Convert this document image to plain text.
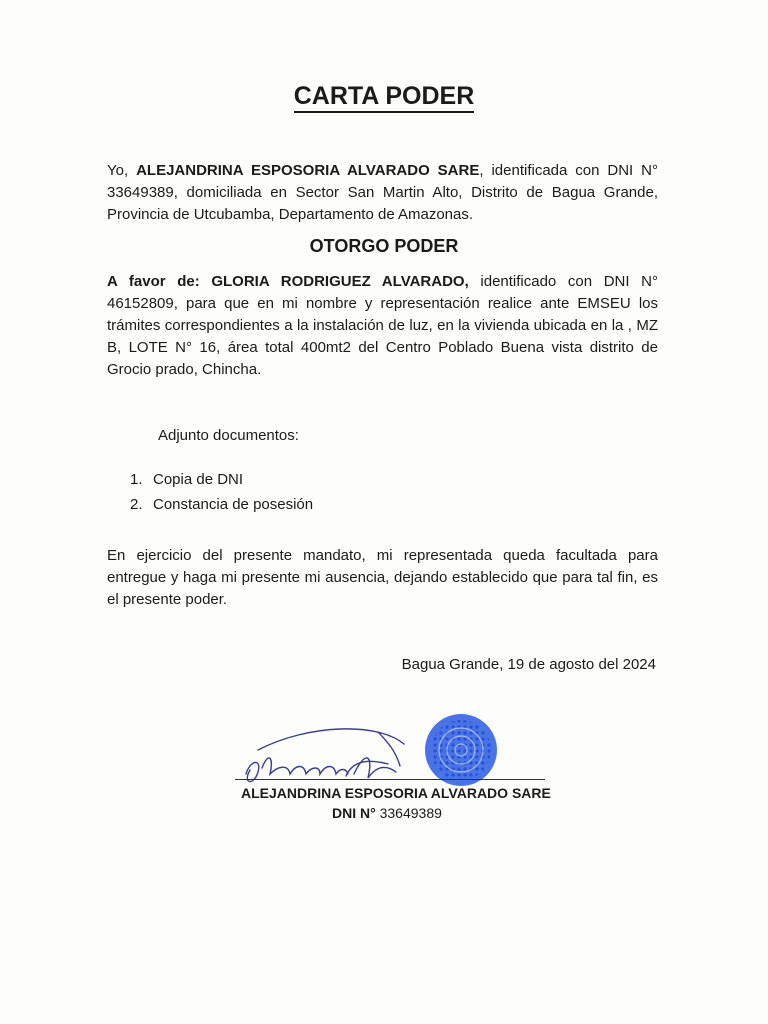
CARTA PODER
Yo, ALEJANDRINA ESPOSORIA ALVARADO SARE, identificada con DNI N° 33649389, domiciliada en Sector San Martin Alto, Distrito de Bagua Grande, Provincia de Utcubamba, Departamento de Amazonas.
OTORGO PODER
A favor de: GLORIA RODRIGUEZ ALVARADO, identificado con DNI N° 46152809, para que en mi nombre y representación realice ante EMSEU los trámites correspondientes a la instalación de luz, en la vivienda ubicada en la , MZ B, LOTE N° 16, área total 400mt2 del Centro Poblado Buena vista distrito de Grocio prado, Chincha.
Adjunto documentos:
1. Copia de DNI
2. Constancia de posesión
En ejercicio del presente mandato, mi representada queda facultada para entregue y haga mi presente mi ausencia, dejando establecido que para tal fin, es el presente poder.
Bagua Grande, 19 de agosto del 2024
ALEJANDRINA ESPOSORIA ALVARADO SARE
DNI N° 33649389
